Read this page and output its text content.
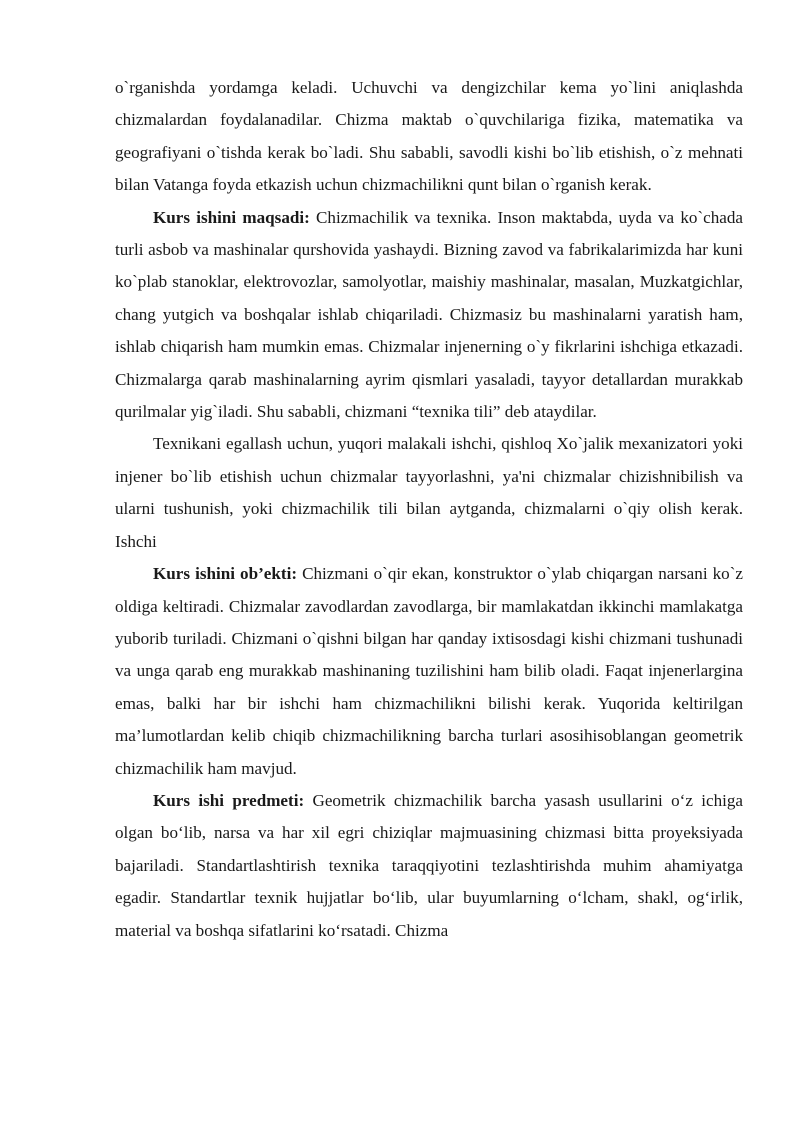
o`rganishda yordamga keladi. Uchuvchi va dengizchilar kema yo`lini aniqlashda chizmalardan foydalanadilar. Chizma maktab o`quvchilariga fizika, matematika va geografiyani o`tishda kerak bo`ladi. Shu sababli, savodli kishi bo`lib etishish, o`z mehnati bilan Vatanga foyda etkazish uchun chizmachilikni qunt bilan o`rganish kerak.

Kurs ishini maqsadi: Chizmachilik va texnika. Inson maktabda, uyda va ko`chada turli asbob va mashinalar qurshovida yashaydi. Bizning zavod va fabrikalarimizda har kuni ko`plab stanoklar, elektrovozlar, samolyotlar, maishiy mashinalar, masalan, Muzkatgichlar, chang yutgich va boshqalar ishlab chiqariladi. Chizmasiz bu mashinalarni yaratish ham, ishlab chiqarish ham mumkin emas. Chizmalar injenerning o`y fikrlarini ishchiga etkazadi. Chizmalarga qarab mashinalarning ayrim qismlari yasaladi, tayyor detallardan murakkab qurilmalar yig`iladi. Shu sababli, chizmani “texnika tili” deb ataydilar.

Texnikani egallash uchun, yuqori malakali ishchi, qishloq Xo`jalik mexanizatori yoki injener bo`lib etishish uchun chizmalar tayyorlashni, ya'ni chizmalar chizishnibilish va ularni tushunish, yoki chizmachilik tili bilan aytganda, chizmalarni o`qiy olish kerak. Ishchi

Kurs ishini ob’ekti: Chizmani o`qir ekan, konstruktor o`ylab chiqargan narsani ko`z oldiga keltiradi. Chizmalar zavodlardan zavodlarga, bir mamlakatdan ikkinchi mamlakatga yuborib turiladi. Chizmani o`qishni bilgan har qanday ixtisosdagi kishi chizmani tushunadi va unga qarab eng murakkab mashinaning tuzilishini ham bilib oladi. Faqat injenerlargina emas, balki har bir ishchi ham chizmachilikni bilishi kerak. Yuqorida keltirilgan ma’lumotlardan kelib chiqib chizmachilikning barcha turlari asosihisoblangan geometrik chizmachilik ham mavjud.

Kurs ishi predmeti: Geometrik chizmachilik barcha yasash usullarini o‘z ichiga olgan bo‘lib, narsa va har xil egri chiziqlar majmuasining chizmasi bitta proyeksiyada bajariladi. Standartlashtirish texnika taraqqiyotini tezlashtirishda muhim ahamiyatga egadir. Standartlar texnik hujjatlar bo‘lib, ular buyumlarning o‘lcham, shakl, og‘irlik, material va boshqa sifatlarini ko‘rsatadi. Chizma
